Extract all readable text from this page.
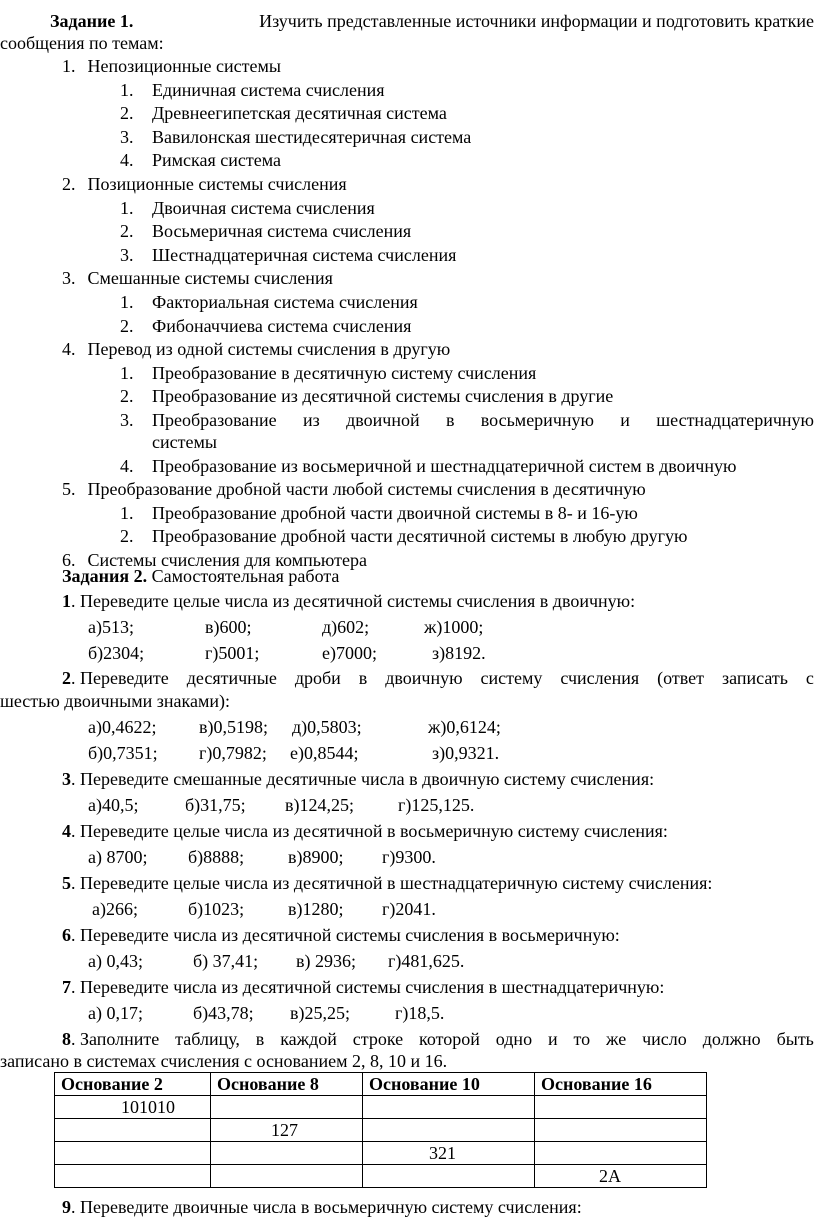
Задание 1.	Изучить представленные источники информации и подготовить краткие
сообщения по темам:
1. Непозиционные системы
1. Единичная система счисления
2. Древнеегипетская десятичная система
3. Вавилонская шестидесятеричная система
4. Римская система
2. Позиционные системы счисления
1. Двоичная система счисления
2. Восьмеричная система счисления
3. Шестнадцатеричная система счисления
3. Смешанные системы счисления
1. Факториальная система счисления
2. Фибоначчиева система счисления
4. Перевод из одной системы счисления в другую
1. Преобразование в десятичную систему счисления
2. Преобразование из десятичной системы счисления в другие
3. Преобразование из двоичной в восьмеричную и шестнадцатеричную
системы
4. Преобразование из восьмеричной и шестнадцатеричной систем в двоичную
5. Преобразование дробной части любой системы счисления в десятичную
1. Преобразование дробной части двоичной системы в 8- и 16-ую
2. Преобразование дробной части десятичной системы в любую другую
6. Системы счисления для компьютера
Задания 2. Самостоятельная работа
1. Переведите целые числа из десятичной системы счисления в двоичную:
а)513;	в)600;	д)602;	ж)1000;
б)2304;	г)5001;	е)7000;	з)8192.
2. Переведите десятичные дроби в двоичную систему счисления (ответ записать с
шестью двоичными знаками):
а)0,4622; в)0,5198; д)0,5803;	ж)0,6124;
б)0,7351; г)0,7982; е)0,8544;	з)0,9321.
3. Переведите смешанные десятичные числа в двоичную систему счисления:
а)40,5;	б)31,75; в)124,25; г)125,125.
4. Переведите целые числа из десятичной в восьмеричную систему счисления:
а) 8700; б)8888; в)8900; г)9300.
5. Переведите целые числа из десятичной в шестнадцатеричную систему счисления:
а)266;	б)1023; в)1280; г)2041.
6. Переведите числа из десятичной системы счисления в восьмеричную:
а) 0,43;	б) 37,41; в) 2936; г)481,625.
7. Переведите числа из десятичной системы счисления в шестнадцатеричную:
а) 0,17;	б)43,78; в)25,25;	г)18,5.
8. Заполните таблицу, в каждой строке которой одно и то же число должно быть
записано в системах счисления с основанием 2, 8, 10 и 16.
Основание 2	Основание 8	Основание 10	Основание 16
101010			
	127		
		321	
			2A
9. Переведите двоичные числа в восьмеричную систему счисления:
